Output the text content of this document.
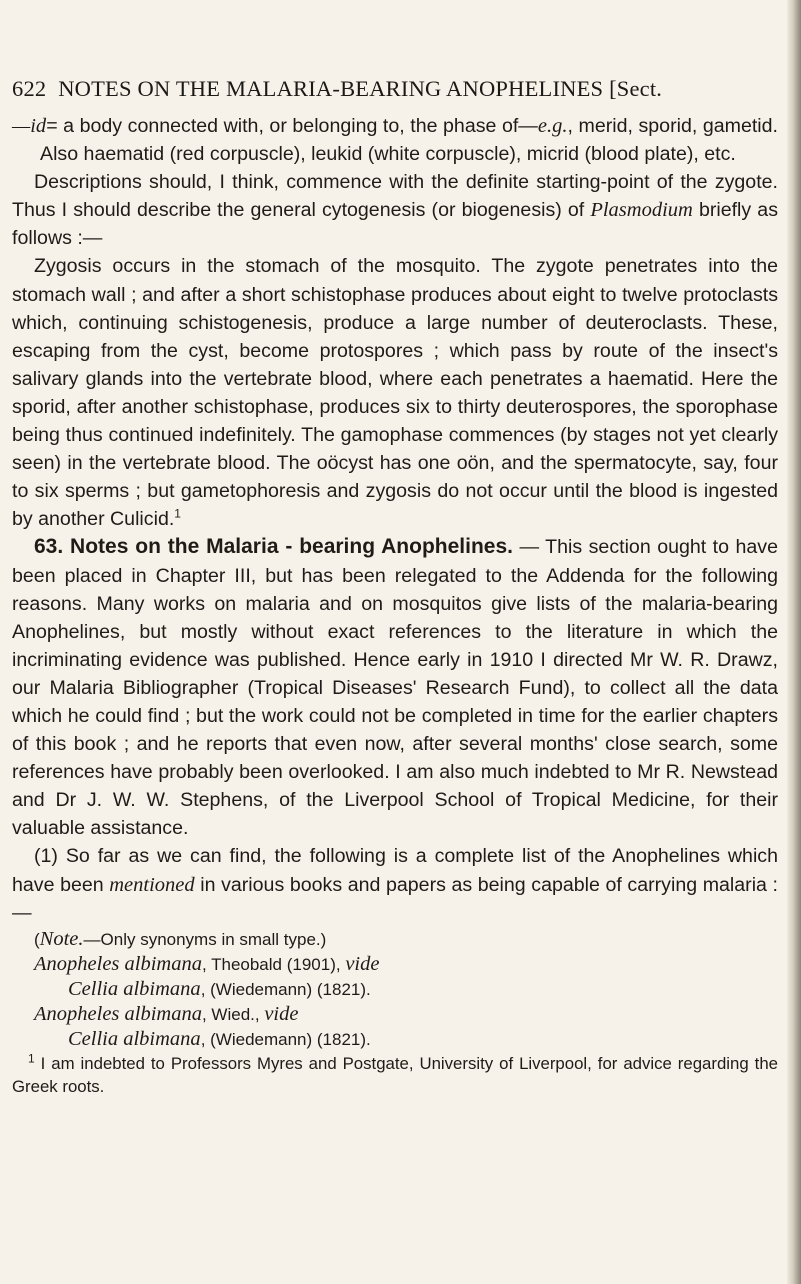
622 NOTES ON THE MALARIA-BEARING ANOPHELINES [Sect.

—id= a body connected with, or belonging to, the phase of—e.g., merid, sporid, gametid. Also haematid (red corpuscle), leukid (white corpuscle), micrid (blood plate), etc.

Descriptions should, I think, commence with the definite starting-point of the zygote. Thus I should describe the general cytogenesis (or biogenesis) of Plasmodium briefly as follows :—

Zygosis occurs in the stomach of the mosquito. The zygote penetrates into the stomach wall ; and after a short schistophase produces about eight to twelve protoclasts which, continuing schistogenesis, produce a large number of deuteroclasts. These, escaping from the cyst, become protospores ; which pass by route of the insect's salivary glands into the vertebrate blood, where each penetrates a haematid. Here the sporid, after another schistophase, produces six to thirty deuterospores, the sporophase being thus continued indefinitely. The gamophase commences (by stages not yet clearly seen) in the vertebrate blood. The oöcyst has one oön, and the spermatocyte, say, four to six sperms ; but gametophoresis and zygosis do not occur until the blood is ingested by another Culicid.$^1$

63. Notes on the Malaria - bearing Anophelines. — This section ought to have been placed in Chapter III, but has been relegated to the Addenda for the following reasons. Many works on malaria and on mosquitos give lists of the malaria-bearing Anophelines, but mostly without exact references to the literature in which the incriminating evidence was published. Hence early in 1910 I directed Mr W. R. Drawz, our Malaria Bibliographer (Tropical Diseases' Research Fund), to collect all the data which he could find ; but the work could not be completed in time for the earlier chapters of this book ; and he reports that even now, after several months' close search, some references have probably been overlooked. I am also much indebted to Mr R. Newstead and Dr J. W. W. Stephens, of the Liverpool School of Tropical Medicine, for their valuable assistance.

(1) So far as we can find, the following is a complete list of the Anophelines which have been mentioned in various books and papers as being capable of carrying malaria :—

(Note.—Only synonyms in small type.)

Anopheles albimana, Theobald (1901), vide

Cellia albimana, (Wiedemann) (1821).

Anopheles albimana, Wied., vide

Cellia albimana, (Wiedemann) (1821).

$^1$ I am indebted to Professors Myres and Postgate, University of Liverpool, for advice regarding the Greek roots.
